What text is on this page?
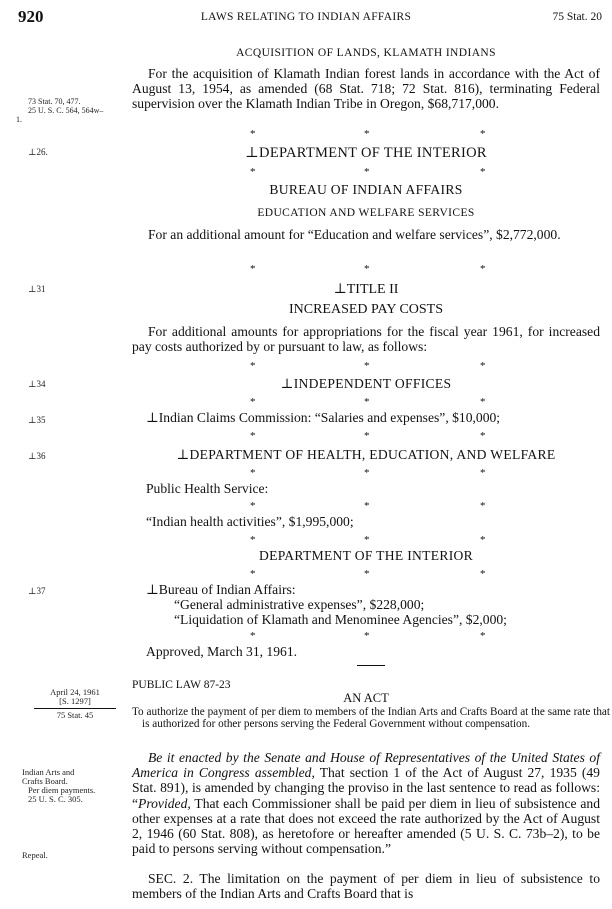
920	LAWS RELATING TO INDIAN AFFAIRS	75 Stat. 20
ACQUISITION OF LANDS, KLAMATH INDIANS

For the acquisition of Klamath Indian forest lands in accordance with the Act of August 13, 1954, as amended (68 Stat. 718; 72 Stat. 816), terminating Federal supervision over the Klamath Indian Tribe in Oregon, $68,717,000.

73 Stat. 70, 477.
25 U. S. C. 564, 564w–
1.
*	*	*
⊥26.	⊥DEPARTMENT OF THE INTERIOR
*	*	*
BUREAU OF INDIAN AFFAIRS
EDUCATION AND WELFARE SERVICES

For an additional amount for “Education and welfare services”, $2,772,000.

*	*	*
⊥31	⊥TITLE II
INCREASED PAY COSTS

For additional amounts for appropriations for the fiscal year 1961, for increased pay costs authorized by or pursuant to law, as follows:

*	*	*
⊥34	⊥INDEPENDENT OFFICES
*	*	*
⊥35	⊥Indian Claims Commission: “Salaries and expenses”, $10,000;
*	*	*
⊥36	⊥DEPARTMENT OF HEALTH, EDUCATION, AND WELFARE
*	*	*
Public Health Service:
*	*	*
“Indian health activities”, $1,995,000;
*	*	*
DEPARTMENT OF THE INTERIOR
*	*	*
⊥37	⊥Bureau of Indian Affairs:
“General administrative expenses”, $228,000;
“Liquidation of Klamath and Menominee Agencies”, $2,000;
*	*	*
Approved, March 31, 1961.
PUBLIC LAW 87-23
AN ACT
April 24, 1961
[S. 1297]
75 Stat. 45	To authorize the payment of per diem to members of the Indian Arts and Crafts Board at the same rate that is authorized for other persons serving the Federal Government without compensation.

Be it enacted by the Senate and House of Representatives of the United States of America in Congress assembled, That section 1 of the Act of August 27, 1935 (49 Stat. 891), is amended by changing the proviso in the last sentence to read as follows: “Provided, That each Commissioner shall be paid per diem in lieu of subsistence and other expenses at a rate that does not exceed the rate authorized by the Act of August 2, 1946 (60 Stat. 808), as heretofore or hereafter amended (5 U. S. C. 73b–2), to be paid to persons serving without compensation.”

SEC. 2. The limitation on the payment of per diem in lieu of subsistence to members of the Indian Arts and Crafts Board that is

Indian Arts and
Crafts Board.
Per diem payments.
25 U. S. C. 305.
Repeal.
